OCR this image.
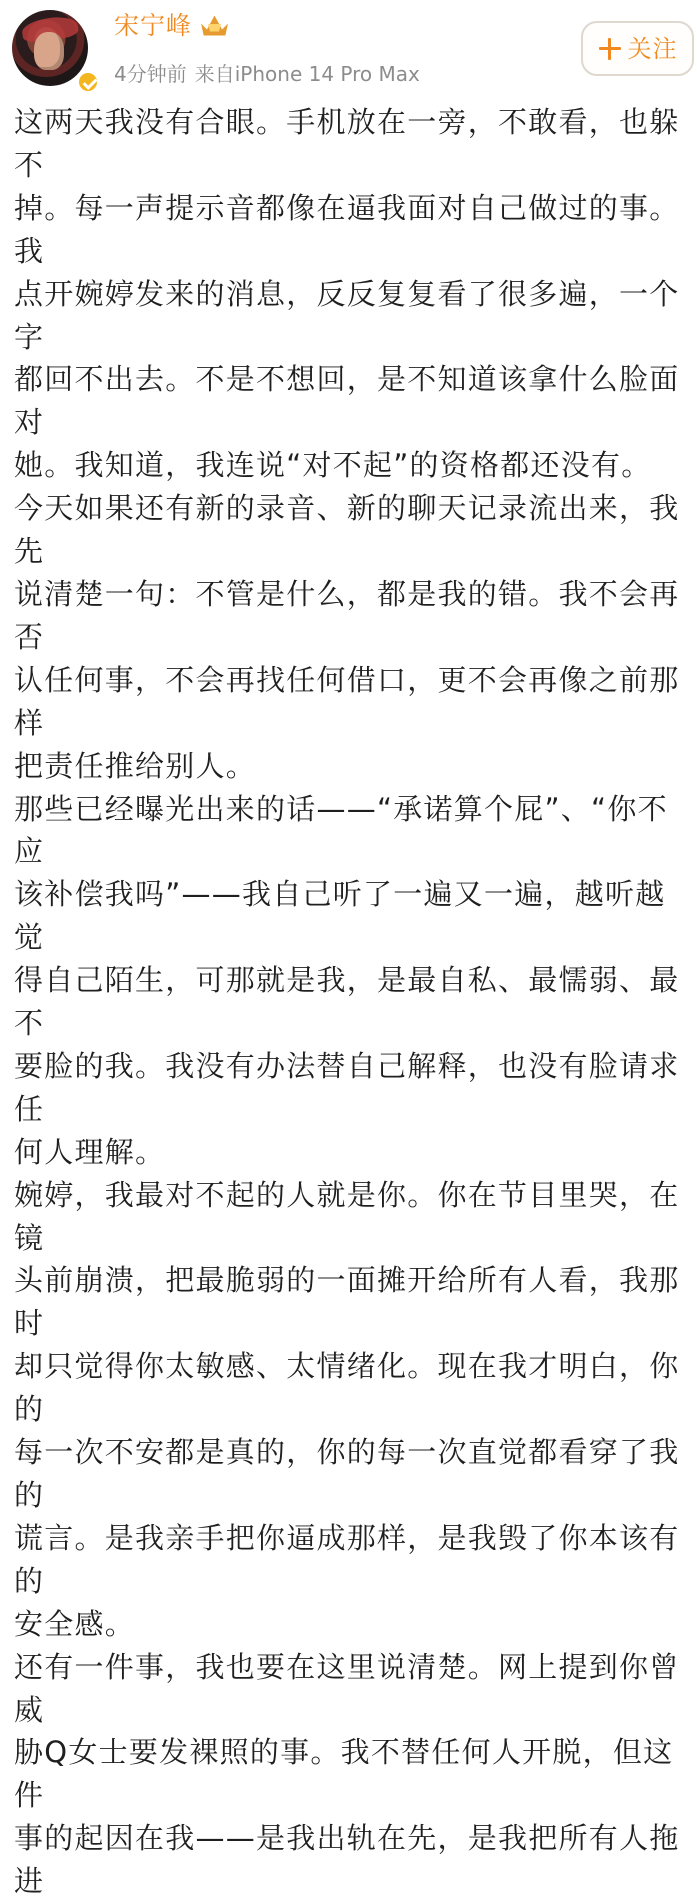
宋宁峰
4分钟前 来自iPhone 14 Pro Max
关注

这两天我没有合眼。手机放在一旁，不敢看，也躲不
掉。每一声提示音都像在逼我面对自己做过的事。我
点开婉婷发来的消息，反反复复看了很多遍，一个字
都回不出去。不是不想回，是不知道该拿什么脸面对
她。我知道，我连说“对不起”的资格都还没有。

今天如果还有新的录音、新的聊天记录流出来，我先
说清楚一句：不管是什么，都是我的错。我不会再否
认任何事，不会再找任何借口，更不会再像之前那样
把责任推给别人。

那些已经曝光出来的话——“承诺算个屁”、“你不应
该补偿我吗”——我自己听了一遍又一遍，越听越觉
得自己陌生，可那就是我，是最自私、最懦弱、最不
要脸的我。我没有办法替自己解释，也没有脸请求任
何人理解。

婉婷，我最对不起的人就是你。你在节目里哭，在镜
头前崩溃，把最脆弱的一面摊开给所有人看，我那时
却只觉得你太敏感、太情绪化。现在我才明白，你的
每一次不安都是真的，你的每一次直觉都看穿了我的
谎言。是我亲手把你逼成那样，是我毁了你本该有的
安全感。

还有一件事，我也要在这里说清楚。网上提到你曾威
胁Q女士要发裸照的事。我不替任何人开脱，但这件
事的起因在我——是我出轨在先，是我把所有人拖进
